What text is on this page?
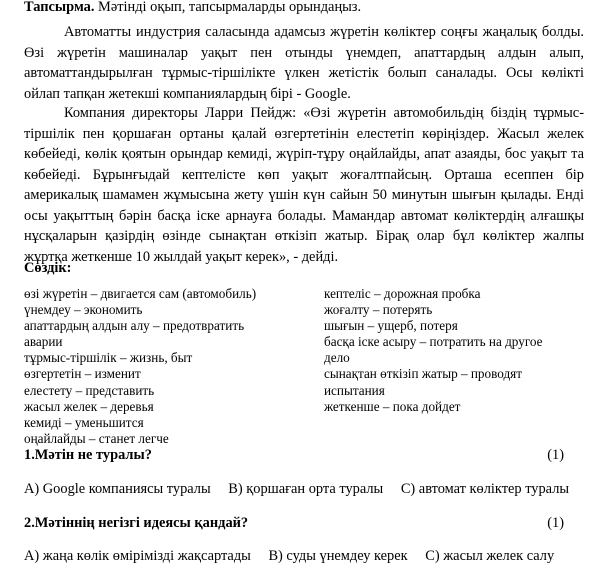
Тапсырма. Мәтінді оқып, тапсырмаларды орындаңыз.

Автоматты индустрия саласында адамсыз жүретін көліктер соңғы жаңалық болды. Өзі жүретін машиналар уақыт пен отынды үнемдеп, апаттардың алдын алып, автоматтандырылған тұрмыс-тіршілікте үлкен жетістік болып саналады. Осы көлікті ойлап тапқан жетекші компаниялардың бірі - Google.

Компания директоры Ларри Пейдж: «Өзі жүретін автомобильдің біздің тұрмыс-тіршілік пен қоршаған ортаны қалай өзгертетінін елестетіп көріңіздер. Жасыл желек көбейеді, көлік қоятын орындар кемиді, жүріп-тұру оңайлайды, апат азаяды, бос уақыт та көбейеді. Бұрынғыдай кептелісте көп уақыт жоғалтпайсың. Орташа есеппен бір америкалық шамамен жұмысына жету үшін күн сайын 50 минутын шығын қылады. Енді осы уақыттың бәрін басқа іске арнауға болады. Мамандар автомат көліктердің алғашқы нұсқаларын қазірдің өзінде сынақтан өткізіп жатыр. Бірақ олар бұл көліктер жалпы жұртқа жеткенше 10 жылдай уақыт керек», - дейді.

Сөздік:
өзі жүретін – двигается сам (автомобиль)
үнемдеу – экономить
апаттардың алдын алу – предотвратить
аварии
тұрмыс-тіршілік – жизнь, быт
өзгертетін – изменит
елестету – представить
жасыл желек – деревья
кемиді – уменьшится
оңайлайды – станет легче
кептеліс – дорожная пробка
жоғалту – потерять
шығын – ущерб, потеря
басқа іске асыру – потратить на другое
дело
сынақтан өткізіп жатыр – проводят
испытания
жеткенше – пока дойдет
1.Мәтін не туралы?	(1)
А) Google компаниясы туралы В) қоршаған орта туралы С) автомат көліктер туралы
2.Мәтіннің негізгі идеясы қандай?	(1)
А) жаңа көлік өмірімізді жақсартады В) суды үнемдеу керек С) жасыл желек салу
